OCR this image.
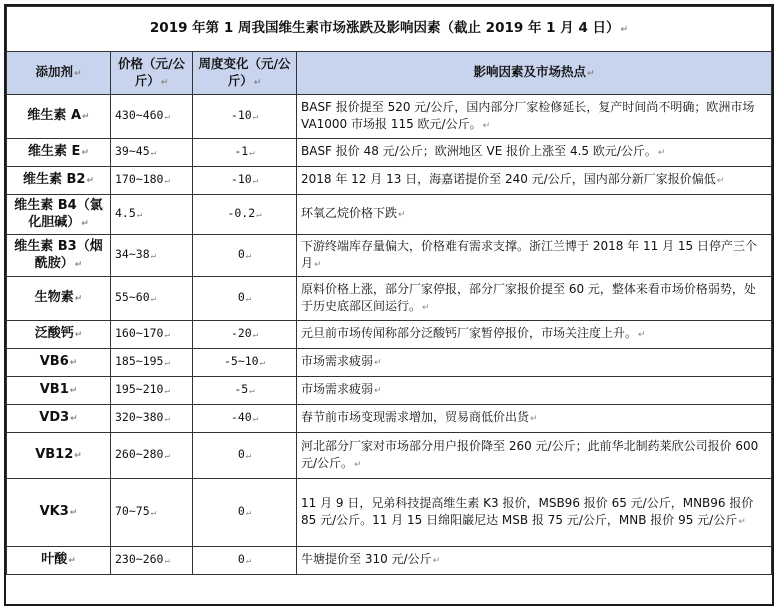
2019 年第 1 周我国维生素市场涨跌及影响因素（截止 2019 年 1 月 4 日）↵			
添加剂↵	价格（元/公斤）↵	周度变化（元/公斤）↵	影响因素及市场热点↵
维生素 A↵	430~460↵	-10↵	BASF 报价提至 520 元/公斤，国内部分厂家检修延长，复产时间尚不明确；欧洲市场 VA1000 市场报 115 欧元/公斤。↵
维生素 E↵	39~45↵	-1↵	BASF 报价 48 元/公斤；欧洲地区 VE 报价上涨至 4.5 欧元/公斤。↵
维生素 B2↵	170~180↵	-10↵	2018 年 12 月 13 日，海嘉诺提价至 240 元/公斤，国内部分新厂家报价偏低↵
维生素 B4（氯化胆碱）↵	4.5↵	-0.2↵	环氧乙烷价格下跌↵
维生素 B3（烟酰胺）↵	34~38↵	0↵	下游终端库存量偏大，价格难有需求支撑。浙江兰博于 2018 年 11 月 15 日停产三个月↵
生物素↵	55~60↵	0↵	原料价格上涨，部分厂家停报，部分厂家报价提至 60 元，整体来看市场价格弱势，处于历史底部区间运行。↵
泛酸钙↵	160~170↵	-20↵	元旦前市场传闻称部分泛酸钙厂家暂停报价，市场关注度上升。↵
VB6↵	185~195↵	-5~10↵	市场需求疲弱↵
VB1↵	195~210↵	-5↵	市场需求疲弱↵
VD3↵	320~380↵	-40↵	春节前市场变现需求增加，贸易商低价出货↵
VB12↵	260~280↵	0↵	河北部分厂家对市场部分用户报价降至 260 元/公斤；此前华北制药莱欣公司报价 600 元/公斤。↵
VK3↵	70~75↵	0↵	11 月 9 日，兄弟科技提高维生素 K3 报价，MSB96 报价 65 元/公斤，MNB96 报价 85 元/公斤。11 月 15 日绵阳巌尼达 MSB 报 75 元/公斤，MNB 报价 95 元/公斤↵
叶酸↵	230~260↵	0↵	牛塘提价至 310 元/公斤↵
